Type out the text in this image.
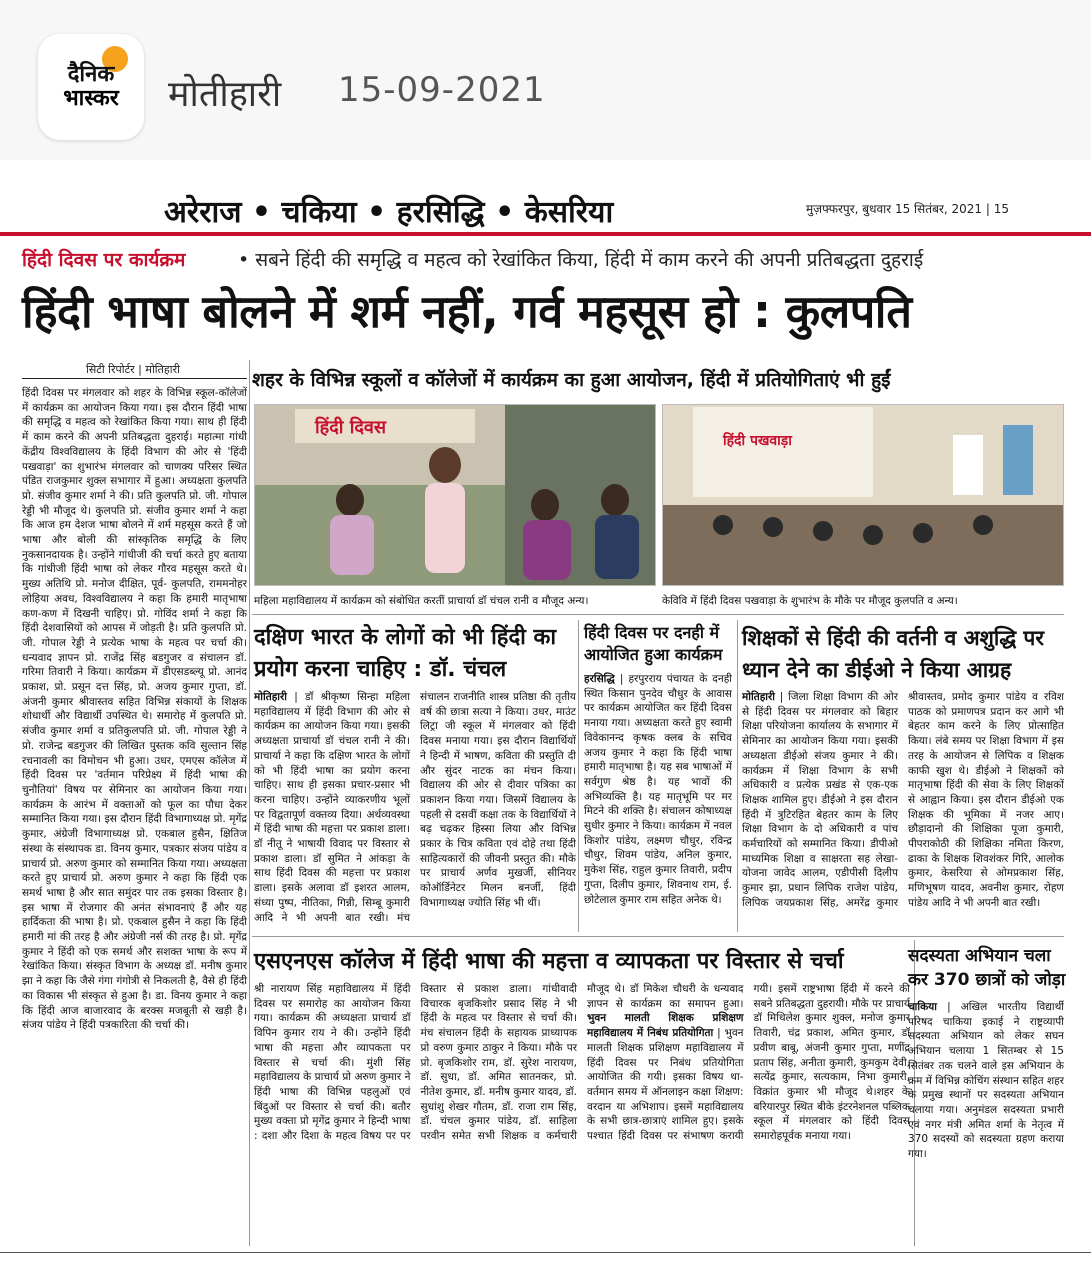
दैनिक
भास्कर मोतीहारी 15-09-2021
अरेराज • चकिया • हरसिद्धि • केसरिया	मुज़फ्फरपुर, बुधवार 15 सितंबर, 2021 | 15
हिंदी दिवस पर कार्यक्रम	• सबने हिंदी की समृद्धि व महत्व को रेखांकित किया, हिंदी में काम करने की अपनी प्रतिबद्धता दुहराई
हिंदी भाषा बोलने में शर्म नहीं, गर्व महसूस हो : कुलपति
सिटी रिपोर्टर | मोतिहारी
हिंदी दिवस पर मंगलवार को शहर के विभिन्न स्कूल-कॉलेजों में कार्यक्रम का आयोजन किया गया। इस दौरान हिंदी भाषा की समृद्धि व महत्व को रेखांकित किया गया। साथ ही हिंदी में काम करने की अपनी प्रतिबद्धता दुहराई। महात्मा गांधी केंद्रीय विश्वविद्यालय के हिंदी विभाग की ओर से 'हिंदी पखवाड़ा' का शुभारंभ मंगलवार को चाणक्य परिसर स्थित पंडित राजकुमार शुक्ल सभागार में हुआ। अध्यक्षता कुलपति प्रो. संजीव कुमार शर्मा ने की। प्रति कुलपति प्रो. जी. गोपाल रेड्डी भी मौजूद थे। कुलपति प्रो. संजीव कुमार शर्मा ने कहा कि आज हम देशज भाषा बोलने में शर्म महसूस करते हैं जो भाषा और बोली की सांस्कृतिक समृद्धि के लिए नुकसानदायक है। उन्होंने गांधीजी की चर्चा करते हुए बताया कि गांधीजी हिंदी भाषा को लेकर गौरव महसूस करते थे। मुख्य अतिथि प्रो. मनोज दीक्षित, पूर्व- कुलपति, राममनोहर लोहिया अवध, विश्वविद्यालय ने कहा कि हमारी मातृभाषा कण-कण में दिखनी चाहिए। प्रो. गोविंद शर्मा ने कहा कि हिंदी देशवासियों को आपस में जोड़ती है। प्रति कुलपति प्रो. जी. गोपाल रेड्डी ने प्रत्येक भाषा के महत्व पर चर्चा की। धन्यवाद ज्ञापन प्रो. राजेंद्र सिंह बडगुजर व संचालन डॉ. गरिमा तिवारी ने किया। कार्यक्रम में डीएसडब्ल्यू प्रो. आनंद प्रकाश, प्रो. प्रसून दत्त सिंह, प्रो. अजय कुमार गुप्ता, डॉ. अंजनी कुमार श्रीवास्तव सहित विभिन्न संकायों के शिक्षक शोधार्थी और विद्यार्थी उपस्थित थे। समारोह में कुलपति प्रो. संजीव कुमार शर्मा व प्रतिकुलपति प्रो. जी. गोपाल रेड्डी ने प्रो. राजेन्द्र बडगुजर की लिखित पुस्तक कवि सुल्तान सिंह रचनावली का विमोचन भी हुआ। उधर, एमएस कॉलेज में हिंदी दिवस पर 'वर्तमान परिप्रेक्ष्य में हिंदी भाषा की चुनौतियां' विषय पर सेमिनार का आयोजन किया गया। कार्यक्रम के आरंभ में वक्ताओं को फूल का पौधा देकर सम्मानित किया गया। इस दौरान हिंदी विभागाध्यक्ष प्रो. मृगेंद्र कुमार, अंग्रेजी विभागाध्यक्ष प्रो. एकबाल हुसैन, क्षितिज संस्था के संस्थापक डा. विनय कुमार, पत्रकार संजय पांडेय व प्राचार्य प्रो. अरुण कुमार को सम्मानित किया गया। अध्यक्षता करते हुए प्राचार्य प्रो. अरुण कुमार ने कहा कि हिंदी एक समर्थ भाषा है और सात समुंदर पार तक इसका विस्तार है। इस भाषा में रोजगार की अनंत संभावनाएं हैं और यह हार्दिकता की भाषा है। प्रो. एकबाल हुसैन ने कहा कि हिंदी हमारी मां की तरह है और अंग्रेजी नर्स की तरह है। प्रो. मृगेंद्र कुमार ने हिंदी को एक समर्थ और सशक्त भाषा के रूप में रेखांकित किया। संस्कृत विभाग के अध्यक्ष डॉ. मनीष कुमार झा ने कहा कि जैसे गंगा गंगोत्री से निकलती है, वैसे ही हिंदी का विकास भी संस्कृत से हुआ है। डा. विनय कुमार ने कहा कि हिंदी आज बाजारवाद के बरक्स मजबूती से खड़ी है। संजय पांडेय ने हिंदी पत्रकारिता की चर्चा की।
शहर के विभिन्न स्कूलों व कॉलेजों में कार्यक्रम का हुआ आयोजन, हिंदी में प्रतियोगिताएं भी हुईं
हिंदी दिवस
महिला महाविद्यालय में कार्यक्रम को संबोधित करतीं प्राचार्या डॉ चंचल रानी व मौजूद अन्य।
हिंदी पखवाड़ा
केविवि में हिंदी दिवस पखवाड़ा के शुभारंभ के मौके पर मौजूद कुलपति व अन्य।
दक्षिण भारत के लोगों को भी हिंदी का प्रयोग करना चाहिए : डॉ. चंचल
मोतिहारी | डॉ श्रीकृष्ण सिन्हा महिला महाविद्यालय में हिंदी विभाग की ओर से कार्यक्रम का आयोजन किया गया। इसकी अध्यक्षता प्राचार्या डॉ चंचल रानी ने की। प्राचार्या ने कहा कि दक्षिण भारत के लोगों को भी हिंदी भाषा का प्रयोग करना चाहिए। साथ ही इसका प्रचार-प्रसार भी करना चाहिए। उन्होंने व्याकरणीय भूलों पर विद्वतापूर्ण वक्तव्य दिया। अर्थव्यवस्था में हिंदी भाषा की महत्ता पर प्रकाश डाला। डॉ नीतू ने भाषायी विवाद पर विस्तार से प्रकाश डाला। डॉ सुमित ने आंकड़ा के साथ हिंदी दिवस की महत्ता पर प्रकाश डाला। इसके अलावा डॉ इशरत आलम, संध्या पुष्प, नीतिका, गिन्नी, सिम्बू कुमारी आदि ने भी अपनी बात रखी। मंच संचालन राजनीति शास्त्र प्रतिष्ठा की तृतीय वर्ष की छात्रा सत्या ने किया। उधर, माउंट लिट्रा जी स्कूल में मंगलवार को हिंदी दिवस मनाया गया। इस दौरान विद्यार्थियों ने हिन्दी में भाषण, कविता की प्रस्तुति दी और सुंदर नाटक का मंचन किया। विद्यालय की ओर से दीवार पत्रिका का प्रकाशन किया गया। जिसमें विद्यालय के पहली से दसवीं कक्षा तक के विद्यार्थियों ने बढ़ चढ़कर हिस्सा लिया और विभिन्न प्रकार के चित्र कविता एवं दोहे तथा हिंदी साहित्यकारों की जीवनी प्रस्तुत की। मौके पर प्राचार्य अर्णव मुखर्जी, सीनियर कोऑर्डिनेटर मिलन बनर्जी, हिंदी विभागाध्यक्ष ज्योति सिंह भी थीं।
हिंदी दिवस पर दनही में आयोजित हुआ कार्यक्रम
हरसिद्धि | हरपुरराय पंचायत के दनही स्थित किसान पुनदेव चौधुर के आवास पर कार्यक्रम आयोजित कर हिंदी दिवस मनाया गया। अध्यक्षता करते हुए स्वामी विवेकानन्द कृषक क्लब के सचिव अजय कुमार ने कहा कि हिंदी भाषा हमारी मातृभाषा है। यह सब भाषाओं में सर्वगुण श्रेष्ठ है। यह भावों की अभिव्यक्ति है। यह मातृभूमि पर मर मिटने की शक्ति है। संचालन कोषाध्यक्ष सुधीर कुमार ने किया। कार्यक्रम में नवल किशोर पांडेय, लक्ष्मण चौधुर, रविन्द्र चौधुर, शिवम पांडेय, अनिल कुमार, मुकेश सिंह, राहुल कुमार तिवारी, प्रदीप गुप्ता, दिलीप कुमार, शिवनाथ राम, ई. छोटेलाल कुमार राम सहित अनेक थे।
शिक्षकों से हिंदी की वर्तनी व अशुद्धि पर ध्यान देने का डीईओ ने किया आग्रह
मोतिहारी | जिला शिक्षा विभाग की ओर से हिंदी दिवस पर मंगलवार को बिहार शिक्षा परियोजना कार्यालय के सभागार में सेमिनार का आयोजन किया गया। इसकी अध्यक्षता डीईओ संजय कुमार ने की। कार्यक्रम में शिक्षा विभाग के सभी अधिकारी व प्रत्येक प्रखंड से एक-एक शिक्षक शामिल हुए। डीईओ ने इस दौरान हिंदी में त्रुटिरहित बेहतर काम के लिए शिक्षा विभाग के दो अधिकारी व पांच कर्मचारियों को सम्मानित किया। डीपीओ माध्यमिक शिक्षा व साक्षरता सह लेखा-योजना जावेद आलम, एडीपीसी दिलीप कुमार झा, प्रधान लिपिक राजेश पांडेय, लिपिक जयप्रकाश सिंह, अमरेंद्र कुमार श्रीवास्तव, प्रमोद कुमार पांडेय व रविश पाठक को प्रमाणपत्र प्रदान कर आगे भी बेहतर काम करने के लिए प्रोत्साहित किया। लंबे समय पर शिक्षा विभाग में इस तरह के आयोजन से लिपिक व शिक्षक काफी खुश थे। डीईओ ने शिक्षकों को मातृभाषा हिंदी की सेवा के लिए शिक्षकों से आह्वान किया। इस दौरान डीईओ एक शिक्षक की भूमिका में नजर आए। छौड़ादानो की शिक्षिका पूजा कुमारी, पीपराकोठी की शिक्षिका नमिता किरण, ढाका के शिक्षक शिवशंकर गिरि, आलोक कुमार, केसरिया से ओमप्रकाश सिंह, मणिभूषण यादव, अवनीश कुमार, रोहण पांडेय आदि ने भी अपनी बात रखी।
एसएनएस कॉलेज में हिंदी भाषा की महत्ता व व्यापकता पर विस्तार से चर्चा
श्री नारायण सिंह महाविद्यालय में हिंदी दिवस पर समारोह का आयोजन किया गया। कार्यक्रम की अध्यक्षता प्राचार्य डॉ विपिन कुमार राय ने की। उन्होंने हिंदी भाषा की महत्ता और व्यापकता पर विस्तार से चर्चा की। मुंशी सिंह महाविद्यालय के प्राचार्य प्रो अरुण कुमार ने हिंदी भाषा की विभिन्न पहलुओं एवं बिंदुओं पर विस्तार से चर्चा की। बतौर मुख्य वक्ता प्रो मृगेंद्र कुमार ने हिन्दी भाषा : दशा और दिशा के महत्व विषय पर पर विस्तार से प्रकाश डाला। गांधीवादी विचारक बृजकिशोर प्रसाद सिंह ने भी हिंदी के महत्व पर विस्तार से चर्चा की। मंच संचालन हिंदी के सहायक प्राध्यापक प्रो वरुण कुमार ठाकुर ने किया। मौके पर प्रो. बृजकिशोर राम, डॉ. सुरेश नारायण, डॉ. सुधा, डॉ. अमित सातनकर, प्रो. नीतेश कुमार, डॉ. मनीष कुमार यादव, डॉ. सुधांशु शेखर गौतम, डॉ. राजा राम सिंह, डॉ. चंचल कुमार पांडेय, डॉ. साहिला परवीन समेत सभी शिक्षक व कर्मचारी मौजूद थे। डॉ मिकेश चौधरी के धन्यवाद ज्ञापन से कार्यक्रम का समापन हुआ। भुवन मालती शिक्षक प्रशिक्षण महाविद्यालय में निबंध प्रतियोगिता | भुवन मालती शिक्षक प्रशिक्षण महाविद्यालय में हिंदी दिवस पर निबंध प्रतियोगिता आयोजित की गयी। इसका विषय था- वर्तमान समय में ऑनलाइन कक्षा शिक्षण: वरदान या अभिशाप। इसमें महाविद्यालय के सभी छात्र-छात्राएं शामिल हुए। इसके पश्चात हिंदी दिवस पर संभाषण करायी गयी। इसमें राष्ट्रभाषा हिंदी में करने की सबने प्रतिबद्धता दुहरायी। मौके पर प्राचार्य डॉ मिथिलेश कुमार शुक्ल, मनोज कुमार तिवारी, चंद्र प्रकाश, अमित कुमार, डॉ प्रवीण बाबू, अंजनी कुमार गुप्ता, मणींद्र प्रताप सिंह, अनीता कुमारी, कुमकुम देवी, सत्येंद्र कुमार, सत्यकाम, निभा कुमारी, विक्रांत कुमार भी मौजूद थे।शहर के बरियारपुर स्थित बीके इंटरनेशनल पब्लिक स्कूल में मंगलवार को हिंदी दिवस समारोहपूर्वक मनाया गया।
सदस्यता अभियान चला कर 370 छात्रों को जोड़ा
चाकिया | अखिल भारतीय विद्यार्थी परिषद चाकिया इकाई ने राष्ट्रव्यापी सदस्यता अभियान को लेकर सघन अभियान चलाया 1 सितम्बर से 15 सितंबर तक चलने वाले इस अभियान के क्रम में विभिन्न कोचिंग संस्थान सहित शहर के प्रमुख स्थानों पर सदस्यता अभियान चलाया गया। अनुमंडल सदस्यता प्रभारी एवं नगर मंत्री अमित शर्मा के नेतृत्व में 370 सदस्यों को सदस्यता ग्रहण कराया गया।
